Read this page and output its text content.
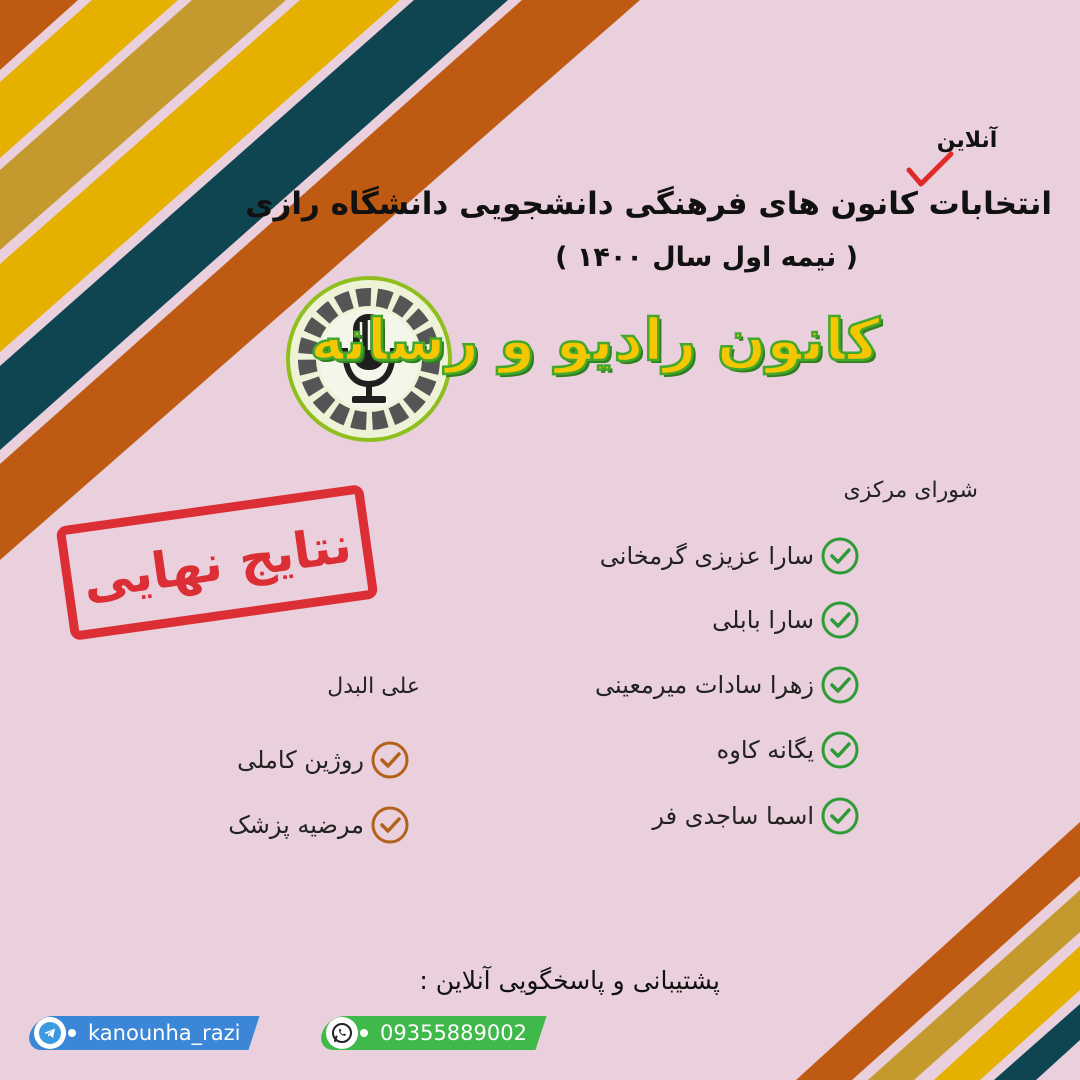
آنلاین
انتخابات کانون های فرهنگی دانشجویی دانشگاه رازی
( نیمه اول سال ۱۴۰۰ )
کانون رادیو و رسانه
نتایج نهایی
شورای مرکزی
سارا عزیزی گرمخانی
سارا بابلی
زهرا سادات میرمعینی
یگانه کاوه
اسما ساجدی فر
علی البدل
روژین کاملی
مرضیه پزشک
پشتیبانی و پاسخگویی آنلاین :
kanounha_razi	09355889002
